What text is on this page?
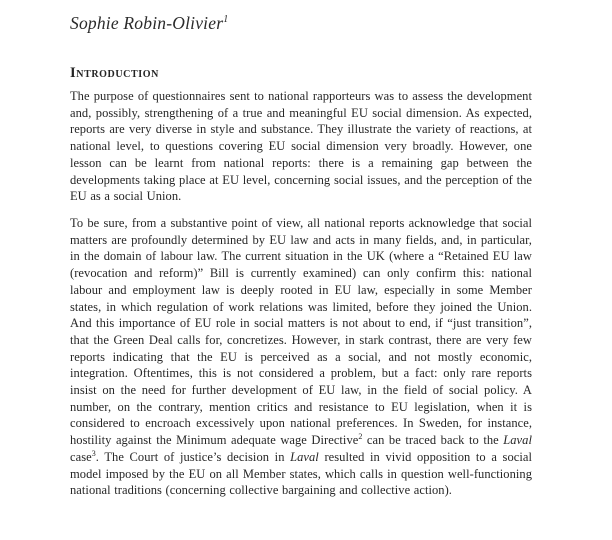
Sophie Robin-Olivier$^1$
Introduction

The purpose of questionnaires sent to national rapporteurs was to assess the development and, possibly, strengthening of a true and meaningful EU social dimension. As expected, reports are very diverse in style and substance. They illustrate the variety of reactions, at national level, to questions covering EU social dimension very broadly. However, one lesson can be learnt from national reports: there is a remaining gap between the developments taking place at EU level, concerning social issues, and the perception of the EU as a social Union.

To be sure, from a substantive point of view, all national reports acknowledge that social matters are profoundly determined by EU law and acts in many fields, and, in particular, in the domain of labour law. The current situation in the UK (where a “Retained EU law (revocation and reform)” Bill is currently examined) can only confirm this: national labour and employment law is deeply rooted in EU law, especially in some Member states, in which regulation of work relations was limited, before they joined the Union. And this importance of EU role in social matters is not about to end, if “just transition”, that the Green Deal calls for, concretizes. However, in stark contrast, there are very few reports indicating that the EU is perceived as a social, and not mostly economic, integration. Oftentimes, this is not considered a problem, but a fact: only rare reports insist on the need for further development of EU law, in the field of social policy. A number, on the contrary, mention critics and resistance to EU legislation, when it is considered to encroach excessively upon national preferences. In Sweden, for instance, hostility against the Minimum adequate wage Directive$^2$ can be traced back to the Laval case$^3$. The Court of justice’s decision in Laval resulted in vivid opposition to a social model imposed by the EU on all Member states, which calls in question well-functioning national traditions (concerning collective bargaining and collective action).
